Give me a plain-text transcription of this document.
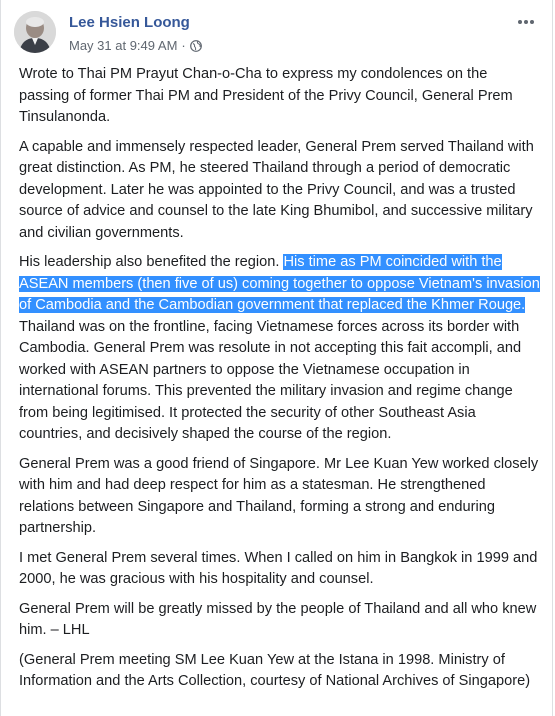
Lee Hsien Loong
May 31 at 9:49 AM ·

Wrote to Thai PM Prayut Chan-o-Cha to express my condolences on the passing of former Thai PM and President of the Privy Council, General Prem Tinsulanonda.

A capable and immensely respected leader, General Prem served Thailand with great distinction. As PM, he steered Thailand through a period of democratic development. Later he was appointed to the Privy Council, and was a trusted source of advice and counsel to the late King Bhumibol, and successive military and civilian governments.

His leadership also benefited the region. His time as PM coincided with the ASEAN members (then five of us) coming together to oppose Vietnam's invasion of Cambodia and the Cambodian government that replaced the Khmer Rouge. Thailand was on the frontline, facing Vietnamese forces across its border with Cambodia. General Prem was resolute in not accepting this fait accompli, and worked with ASEAN partners to oppose the Vietnamese occupation in international forums. This prevented the military invasion and regime change from being legitimised. It protected the security of other Southeast Asia countries, and decisively shaped the course of the region.

General Prem was a good friend of Singapore. Mr Lee Kuan Yew worked closely with him and had deep respect for him as a statesman. He strengthened relations between Singapore and Thailand, forming a strong and enduring partnership.

I met General Prem several times. When I called on him in Bangkok in 1999 and 2000, he was gracious with his hospitality and counsel.

General Prem will be greatly missed by the people of Thailand and all who knew him. – LHL

(General Prem meeting SM Lee Kuan Yew at the Istana in 1998. Ministry of Information and the Arts Collection, courtesy of National Archives of Singapore)
